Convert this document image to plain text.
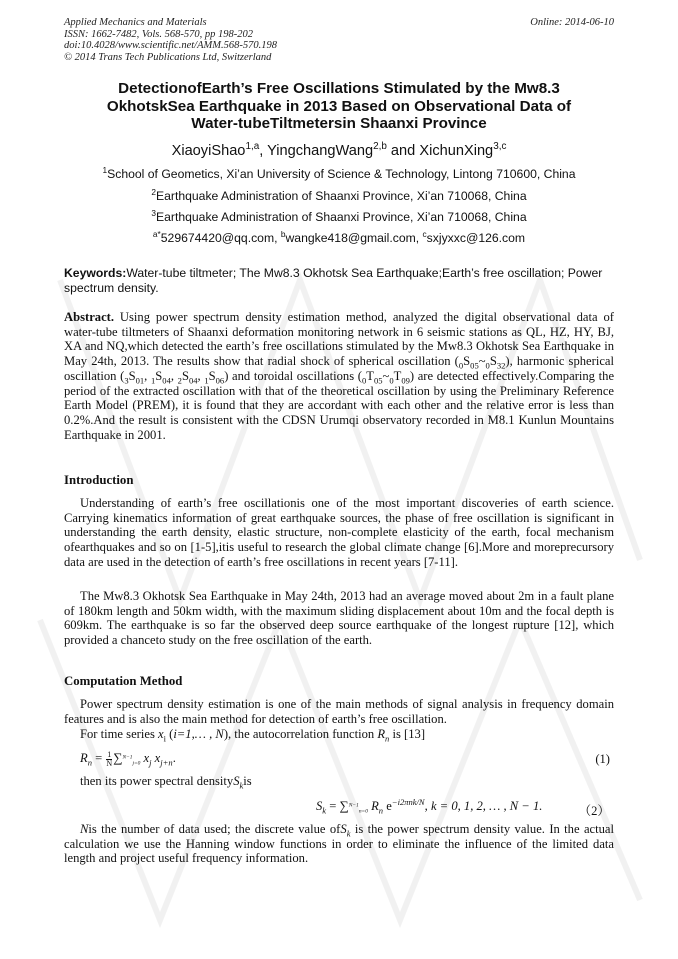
Applied Mechanics and Materials
ISSN: 1662-7482, Vols. 568-570, pp 198-202
doi:10.4028/www.scientific.net/AMM.568-570.198
© 2014 Trans Tech Publications Ltd, Switzerland
Online: 2014-06-10
DetectionofEarth’s Free Oscillations Stimulated by the Mw8.3
OkhotskSea Earthquake in 2013 Based on Observational Data of
Water-tubeTiltmetersin Shaanxi Province
XiaoyiShao$^{1,a}$, YingchangWang$^{2,b}$ and XichunXing$^{3,c}$
$^1$School of Geometics, Xi’an University of Science & Technology, Lintong 710600, China
$^2$Earthquake Administration of Shaanxi Province, Xi’an 710068, China
$^3$Earthquake Administration of Shaanxi Province, Xi’an 710068, China
$^{a*}$529674420@qq.com, $^b$wangke418@gmail.com, $^c$sxjyxxc@126.com
Keywords:Water-tube tiltmeter; The Mw8.3 Okhotsk Sea Earthquake;Earth’s free oscillation; Power spectrum density.
Abstract. Using power spectrum density estimation method, analyzed the digital observational data of water-tube tiltmeters of Shaanxi deformation monitoring network in 6 seismic stations as QL, HZ, HY, BJ, XA and NQ,which detected the earth’s free oscillations stimulated by the Mw8.3 Okhotsk Sea Earthquake in May 24th, 2013. The results show that radial shock of spherical oscillation $(_0S_{05}\sim_0S_{32})$, harmonic spherical oscillation ($_3S_{01}$, $_1S_{04}$, $_2S_{04}$, $_1S_{06}$) and toroidal oscillations $(_0T_{05}\sim_0T_{09})$ are detected effectively.Comparing the period of the extracted oscillation with that of the theoretical oscillation by using the Preliminary Reference Earth Model (PREM), it is found that they are accordant with each other and the relative error is less than 0.2%.And the result is consistent with the CDSN Urumqi observatory recorded in M8.1 Kunlun Mountains Earthquake in 2001.
Introduction
Understanding of earth’s free oscillationis one of the most important discoveries of earth science. Carrying kinematics information of great earthquake sources, the phase of free oscillation is significant in understanding the earth density, elastic structure, non-complete elasticity of the earth, focal mechanism ofearthquakes and so on [1-5],itis useful to research the global climate change [6].More and moreprecursory data are used in the detection of earth’s free oscillations in recent years [7-11].
The Mw8.3 Okhotsk Sea Earthquake in May 24th, 2013 had an average moved about 2m in a fault plane of 180km length and 50km width, with the maximum sliding displacement about 10m and the focal depth is 609km. The earthquake is so far the observed deep source earthquake of the longest rupture [12], which provided a chanceto study on the free oscillation of the earth.
Computation Method
Power spectrum density estimation is one of the main methods of signal analysis in frequency domain features and is also the main method for detection of earth’s free oscillation.
For time series $x_i$ (i=1,… , N), the autocorrelation function $R_n$ is [13]
$R_n = \frac{1}{N} \sum^{N-1}_{j=0}$ $x_j$ $x_{j+n}$.	(1)
then its power spectral densityS$_k$is
$S_k = \sum^{N-1}_{n=0}$ $R_n$ $e^{-i2\pi nk/N}$, k = 0, 1, 2, … , N − 1.	（2）
Nis the number of data used; the discrete value ofS$_k$ is the power spectrum density value. In the actual calculation we use the Hanning window functions in order to eliminate the influence of the limited data length and project useful frequency information.
